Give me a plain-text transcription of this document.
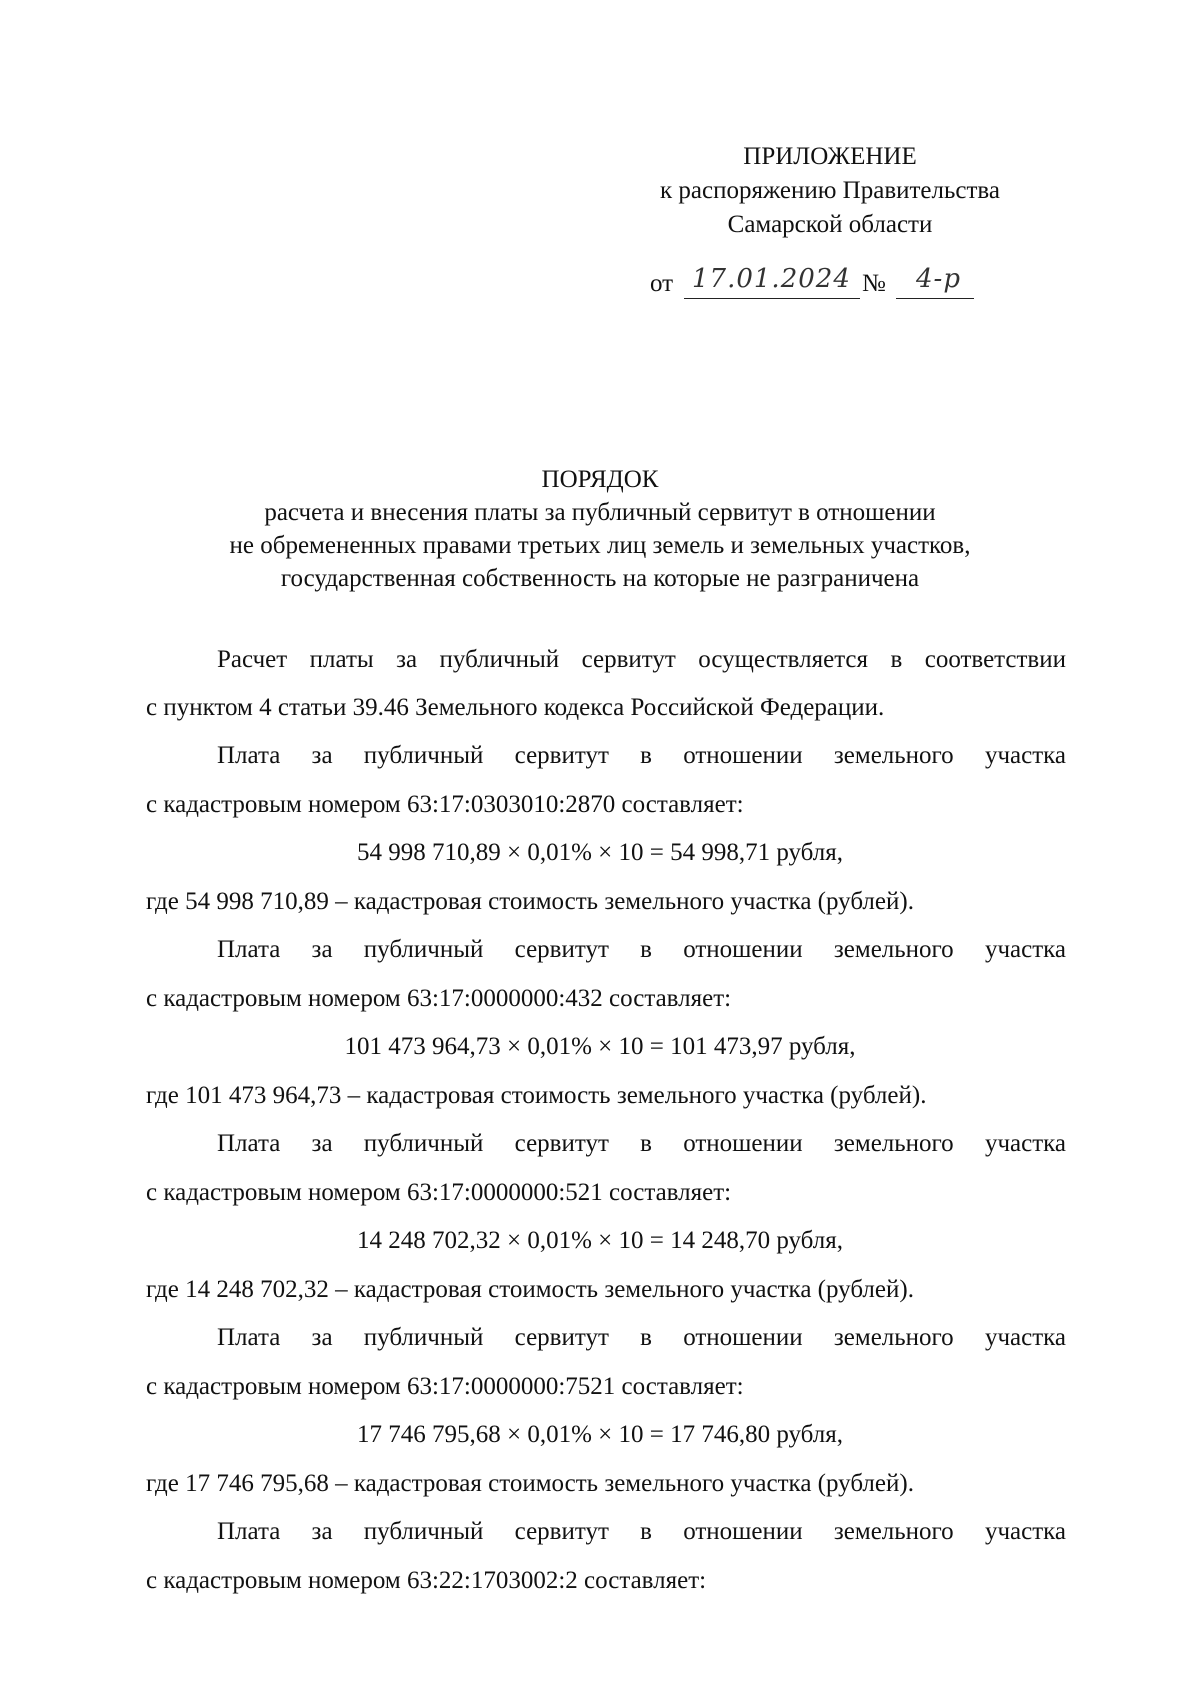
ПРИЛОЖЕНИЕ
к распоряжению Правительства
Самарской области
от 17.01.2024 № 4-р
ПОРЯДОК
расчета и внесения платы за публичный сервитут в отношении
не обремененных правами третьих лиц земель и земельных участков,
государственная собственность на которые не разграничена
Расчет платы за публичный сервитут осуществляется в соответствии
с пунктом 4 статьи 39.46 Земельного кодекса Российской Федерации.
Плата за публичный сервитут в отношении земельного участка
с кадастровым номером 63:17:0303010:2870 составляет:
54 998 710,89 × 0,01% × 10 = 54 998,71 рубля,
где 54 998 710,89 – кадастровая стоимость земельного участка (рублей).
Плата за публичный сервитут в отношении земельного участка
с кадастровым номером 63:17:0000000:432 составляет:
101 473 964,73 × 0,01% × 10 = 101 473,97 рубля,
где 101 473 964,73 – кадастровая стоимость земельного участка (рублей).
Плата за публичный сервитут в отношении земельного участка
с кадастровым номером 63:17:0000000:521 составляет:
14 248 702,32 × 0,01% × 10 = 14 248,70 рубля,
где 14 248 702,32 – кадастровая стоимость земельного участка (рублей).
Плата за публичный сервитут в отношении земельного участка
с кадастровым номером 63:17:0000000:7521 составляет:
17 746 795,68 × 0,01% × 10 = 17 746,80 рубля,
где 17 746 795,68 – кадастровая стоимость земельного участка (рублей).
Плата за публичный сервитут в отношении земельного участка
с кадастровым номером 63:22:1703002:2 составляет:
